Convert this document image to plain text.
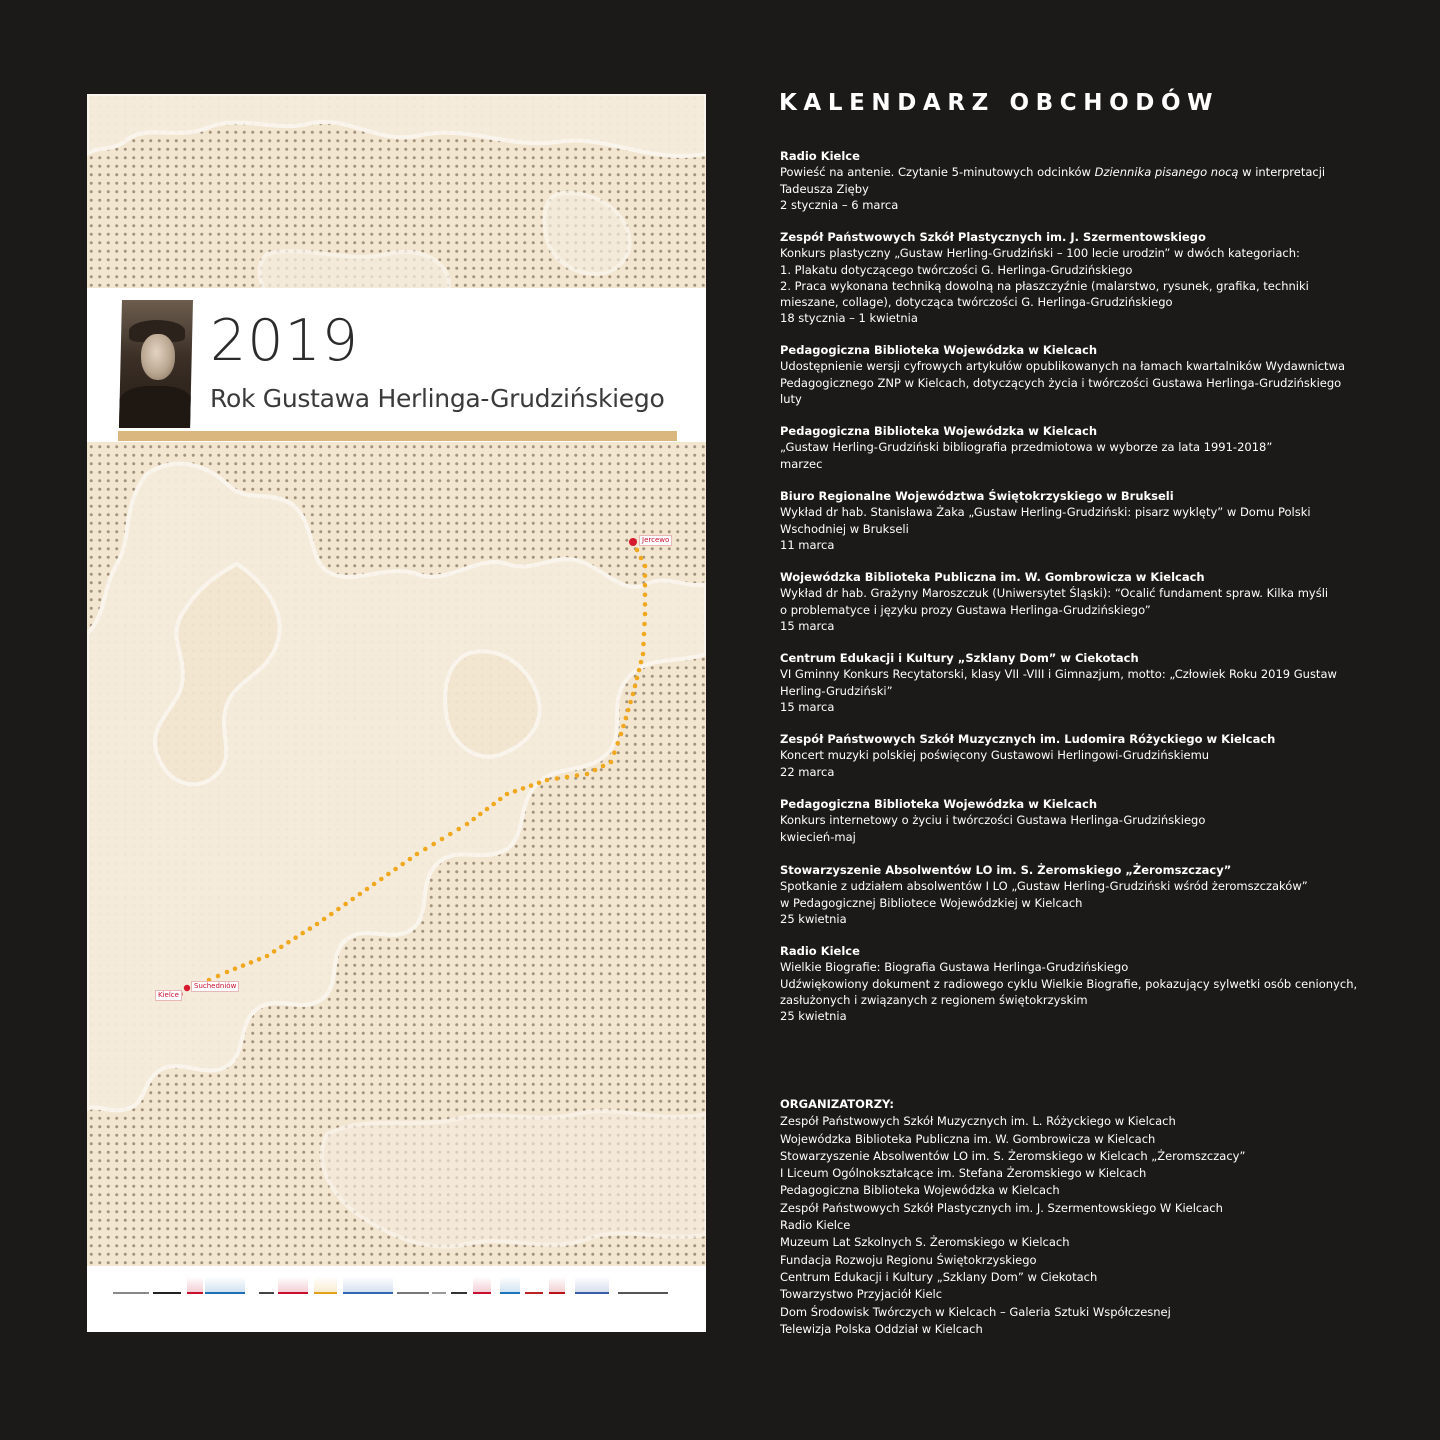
Kielce
Suchedniów
Jercewo
2019
Rok Gustawa Herlinga-Grudzińskiego
KALENDARZ OBCHODÓW
Radio Kielce
Powieść na antenie. Czytanie 5-minutowych odcinków Dziennika pisanego nocą w interpretacji
Tadeusza Zięby
2 stycznia – 6 marca
Zespół Państwowych Szkół Plastycznych im. J. Szermentowskiego
Konkurs plastyczny „Gustaw Herling-Grudziński – 100 lecie urodzin” w dwóch kategoriach:
1. Plakatu dotyczącego twórczości G. Herlinga-Grudzińskiego
2. Praca wykonana techniką dowolną na płaszczyźnie (malarstwo, rysunek, grafika, techniki
mieszane, collage), dotycząca twórczości G. Herlinga-Grudzińskiego
18 stycznia – 1 kwietnia
Pedagogiczna Biblioteka Wojewódzka w Kielcach
Udostępnienie wersji cyfrowych artykułów opublikowanych na łamach kwartalników Wydawnictwa
Pedagogicznego ZNP w Kielcach, dotyczących życia i twórczości Gustawa Herlinga-Grudzińskiego
luty
Pedagogiczna Biblioteka Wojewódzka w Kielcach
„Gustaw Herling-Grudziński bibliografia przedmiotowa w wyborze za lata 1991-2018”
marzec
Biuro Regionalne Województwa Świętokrzyskiego w Brukseli
Wykład dr hab. Stanisława Żaka „Gustaw Herling-Grudziński: pisarz wyklęty” w Domu Polski
Wschodniej w Brukseli
11 marca
Wojewódzka Biblioteka Publiczna im. W. Gombrowicza w Kielcach
Wykład dr hab. Grażyny Maroszczuk (Uniwersytet Śląski): “Ocalić fundament spraw. Kilka myśli
o problematyce i języku prozy Gustawa Herlinga-Grudzińskiego”
15 marca
Centrum Edukacji i Kultury „Szklany Dom” w Ciekotach
VI Gminny Konkurs Recytatorski, klasy VII -VIII i Gimnazjum, motto: „Człowiek Roku 2019 Gustaw
Herling-Grudziński”
15 marca
Zespół Państwowych Szkół Muzycznych im. Ludomira Różyckiego w Kielcach
Koncert muzyki polskiej poświęcony Gustawowi Herlingowi-Grudzińskiemu
22 marca
Pedagogiczna Biblioteka Wojewódzka w Kielcach
Konkurs internetowy o życiu i twórczości Gustawa Herlinga-Grudzińskiego
kwiecień-maj
Stowarzyszenie Absolwentów LO im. S. Żeromskiego „Żeromszczacy”
Spotkanie z udziałem absolwentów I LO „Gustaw Herling-Grudziński wśród żeromszczaków”
w Pedagogicznej Bibliotece Wojewódzkiej w Kielcach
25 kwietnia
Radio Kielce
Wielkie Biografie: Biografia Gustawa Herlinga-Grudzińskiego
Udźwiękowiony dokument z radiowego cyklu Wielkie Biografie, pokazujący sylwetki osób cenionych,
zasłużonych i związanych z regionem świętokrzyskim
25 kwietnia
ORGANIZATORZY:
Zespół Państwowych Szkół Muzycznych im. L. Różyckiego w Kielcach
Wojewódzka Biblioteka Publiczna im. W. Gombrowicza w Kielcach
Stowarzyszenie Absolwentów LO im. S. Żeromskiego w Kielcach „Żeromszczacy”
I Liceum Ogólnokształcące im. Stefana Żeromskiego w Kielcach
Pedagogiczna Biblioteka Wojewódzka w Kielcach
Zespół Państwowych Szkół Plastycznych im. J. Szermentowskiego W Kielcach
Radio Kielce
Muzeum Lat Szkolnych S. Żeromskiego w Kielcach
Fundacja Rozwoju Regionu Świętokrzyskiego
Centrum Edukacji i Kultury „Szklany Dom” w Ciekotach
Towarzystwo Przyjaciół Kielc
Dom Środowisk Twórczych w Kielcach – Galeria Sztuki Współczesnej
Telewizja Polska Oddział w Kielcach
